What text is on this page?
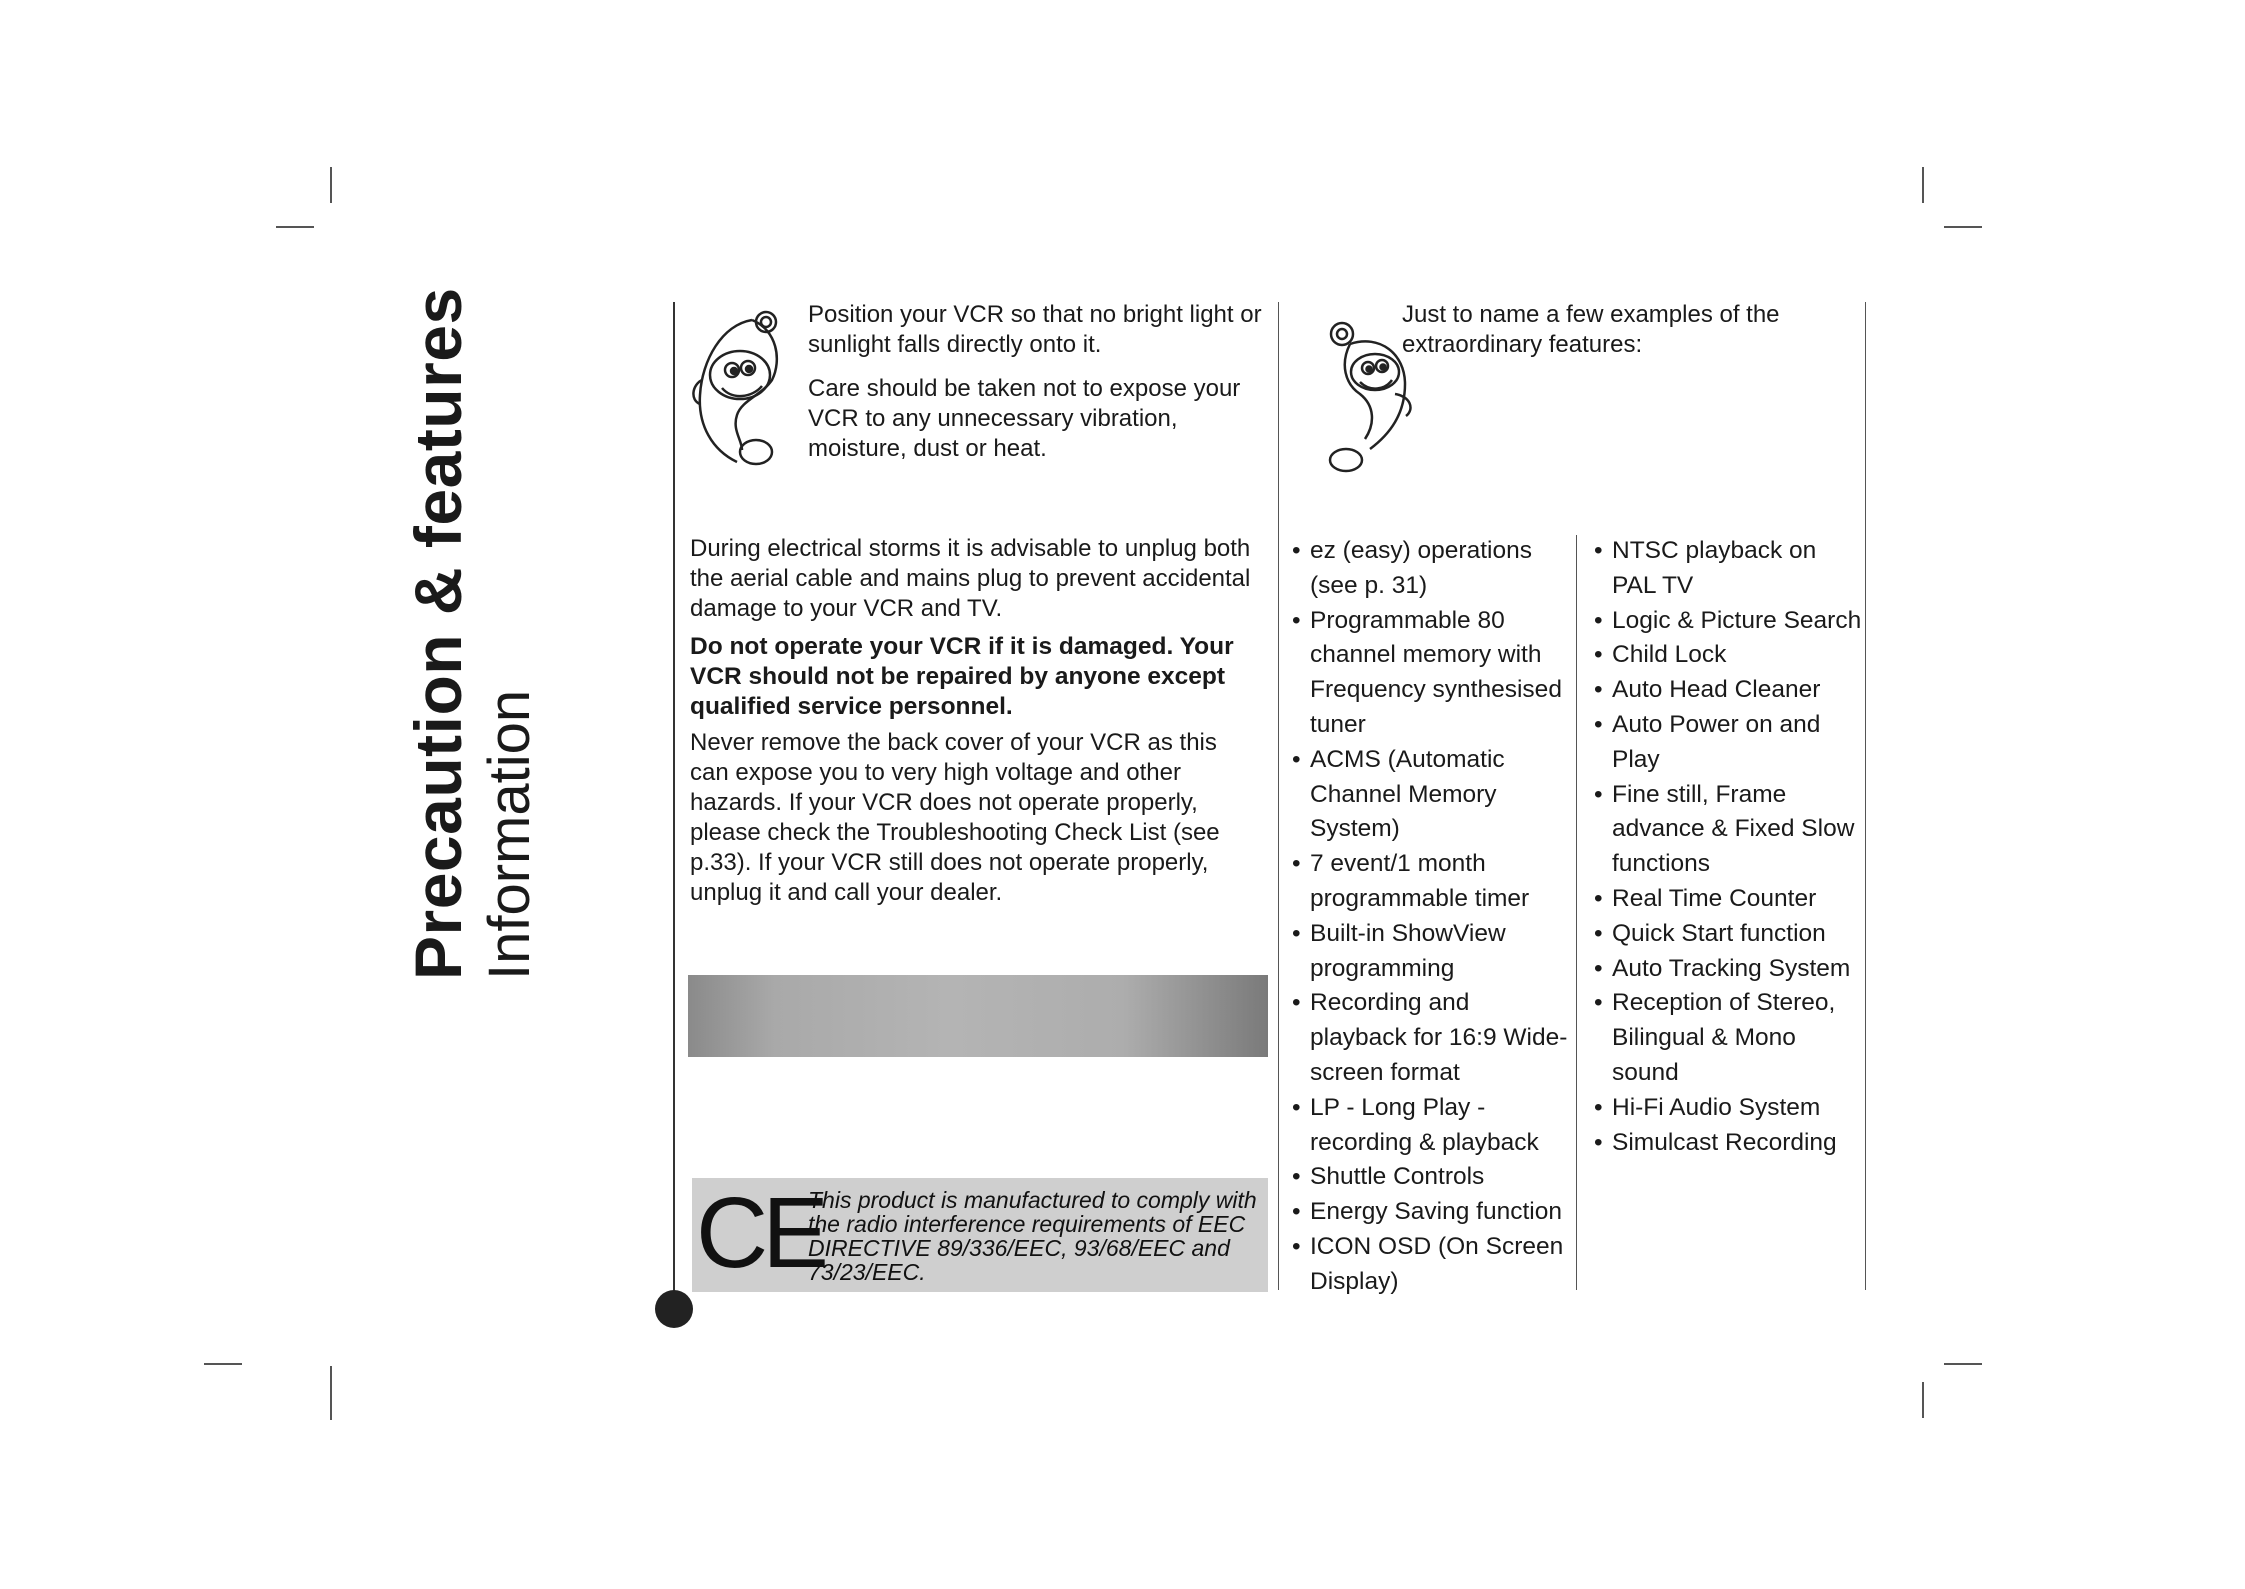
Precaution & features Information

Position your VCR so that no bright light or sunlight falls directly onto it.

Care should be taken not to expose your VCR to any unnecessary vibration, moisture, dust or heat.

During electrical storms it is advisable to unplug both the aerial cable and mains plug to prevent accidental damage to your VCR and TV.

Do not operate your VCR if it is damaged. Your VCR should not be repaired by anyone except qualified service personnel.

Never remove the back cover of your VCR as this can expose you to very high voltage and other hazards. If your VCR does not operate properly, please check the Troubleshooting Check List (see p.33). If your VCR still does not operate properly, unplug it and call your dealer.

CE
This product is manufactured to comply with the radio interference requirements of EEC DIRECTIVE 89/336/EEC, 93/68/EEC and 73/23/EEC.

Just to name a few examples of the extraordinary features:

• ez (easy) operations (see p. 31)
• Programmable 80 channel memory with Frequency synthesised tuner
• ACMS (Automatic Channel Memory System)
• 7 event/1 month programmable timer
• Built-in ShowView programming
• Recording and playback for 16:9 Wide-screen format
• LP - Long Play - recording & playback
• Shuttle Controls
• Energy Saving function
• ICON OSD (On Screen Display)
• NTSC playback on PAL TV
• Logic & Picture Search
• Child Lock
• Auto Head Cleaner
• Auto Power on and Play
• Fine still, Frame advance & Fixed Slow functions
• Real Time Counter
• Quick Start function
• Auto Tracking System
• Reception of Stereo, Bilingual & Mono sound
• Hi-Fi Audio System
• Simulcast Recording
